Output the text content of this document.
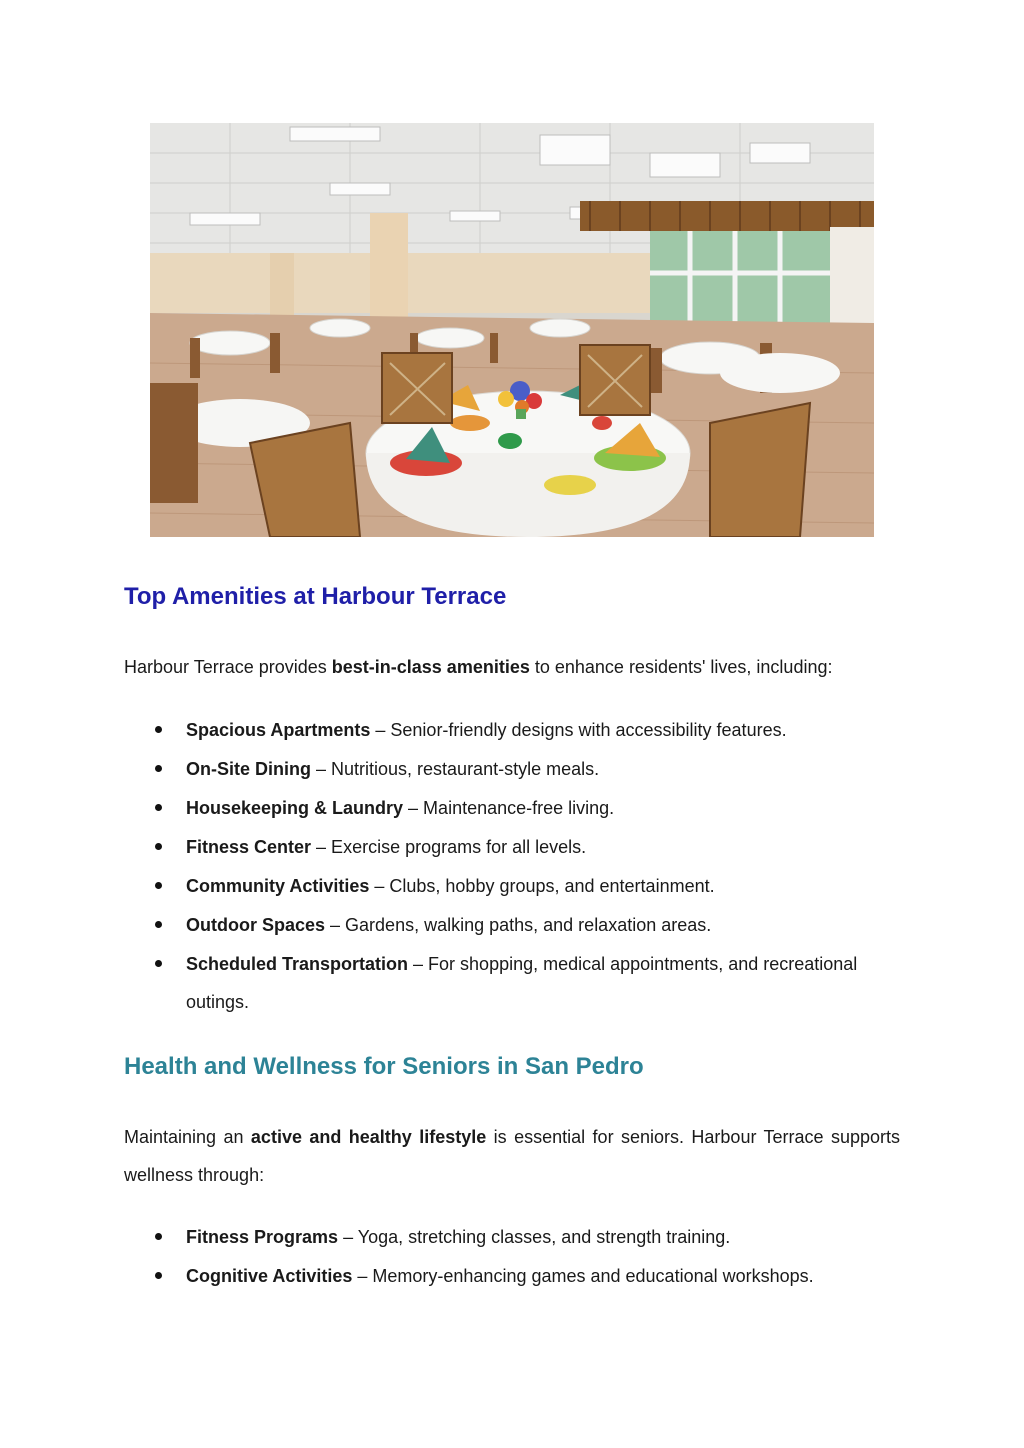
Top Amenities at Harbour Terrace

Harbour Terrace provides best-in-class amenities to enhance residents' lives, including:

Spacious Apartments – Senior-friendly designs with accessibility features.
On-Site Dining – Nutritious, restaurant-style meals.
Housekeeping & Laundry – Maintenance-free living.
Fitness Center – Exercise programs for all levels.
Community Activities – Clubs, hobby groups, and entertainment.
Outdoor Spaces – Gardens, walking paths, and relaxation areas.
Scheduled Transportation – For shopping, medical appointments, and recreational outings.
Health and Wellness for Seniors in San Pedro

Maintaining an active and healthy lifestyle is essential for seniors. Harbour Terrace supports wellness through:

Fitness Programs – Yoga, stretching classes, and strength training.
Cognitive Activities – Memory-enhancing games and educational workshops.
